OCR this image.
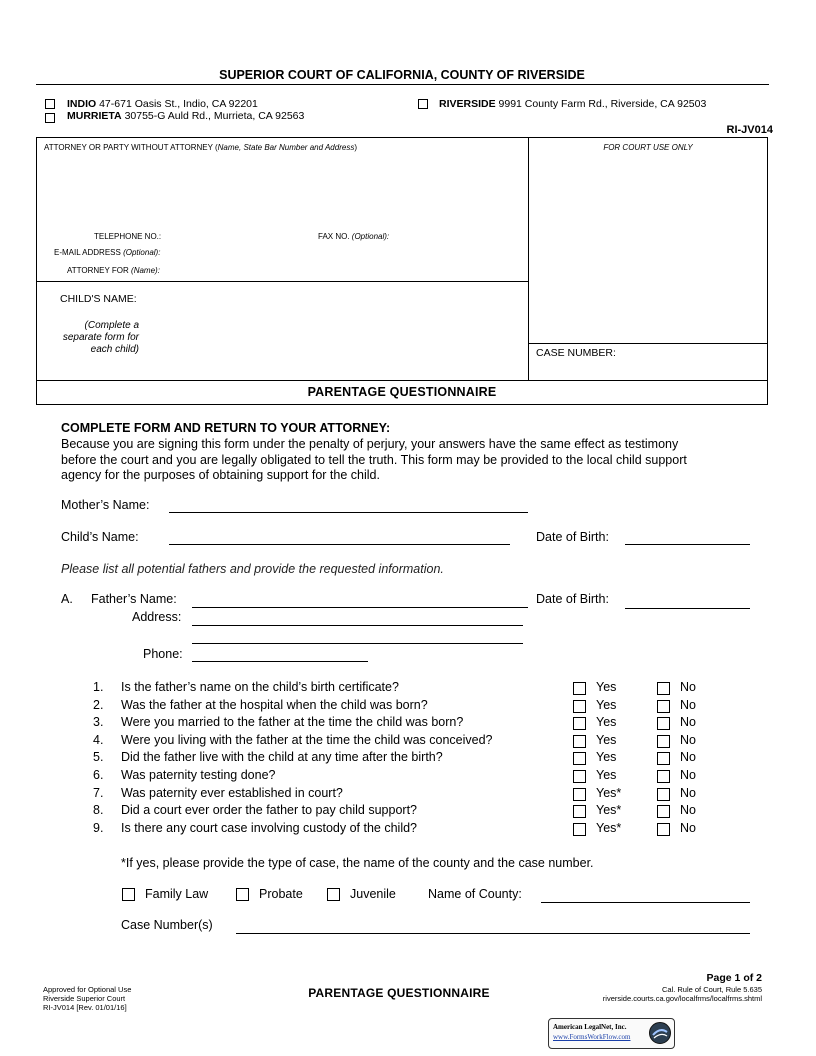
SUPERIOR COURT OF CALIFORNIA, COUNTY OF RIVERSIDE
INDIO 47-671 Oasis St., Indio, CA 92201
MURRIETA 30755-G Auld Rd., Murrieta, CA 92563
RIVERSIDE 9991 County Farm Rd., Riverside, CA 92503
RI-JV014
ATTORNEY OR PARTY WITHOUT ATTORNEY (Name, State Bar Number and Address)	FOR COURT USE ONLY
TELEPHONE NO.:	FAX NO. (Optional):
E-MAIL ADDRESS (Optional):
ATTORNEY FOR (Name):
CHILD'S NAME:
(Complete a
separate form for
each child)	CASE NUMBER:
PARENTAGE QUESTIONNAIRE
COMPLETE FORM AND RETURN TO YOUR ATTORNEY:
Because you are signing this form under the penalty of perjury, your answers have the same effect as testimony
before the court and you are legally obligated to tell the truth. This form may be provided to the local child support
agency for the purposes of obtaining support for the child.
Mother’s Name:
Child’s Name:	Date of Birth:
Please list all potential fathers and provide the requested information.
A. Father’s Name:	Date of Birth:
Address:
Phone:
1. Is the father’s name on the child’s birth certificate?	Yes	No
2. Was the father at the hospital when the child was born?	Yes	No
3. Were you married to the father at the time the child was born?	Yes	No
4. Were you living with the father at the time the child was conceived?	Yes	No
5. Did the father live with the child at any time after the birth?	Yes	No
6. Was paternity testing done?	Yes	No
7. Was paternity ever established in court?	Yes*	No
8. Did a court ever order the father to pay child support?	Yes*	No
9. Is there any court case involving custody of the child?	Yes*	No
*If yes, please provide the type of case, the name of the county and the case number.
Family Law	Probate	Juvenile	Name of County:
Case Number(s)
Page 1 of 2
Approved for Optional Use
Riverside Superior Court
RI-JV014 [Rev. 01/01/16]
PARENTAGE QUESTIONNAIRE	Cal. Rule of Court, Rule 5.635
riverside.courts.ca.gov/localfrms/localfrms.shtml
American LegalNet, Inc.
www.FormsWorkFlow.com
